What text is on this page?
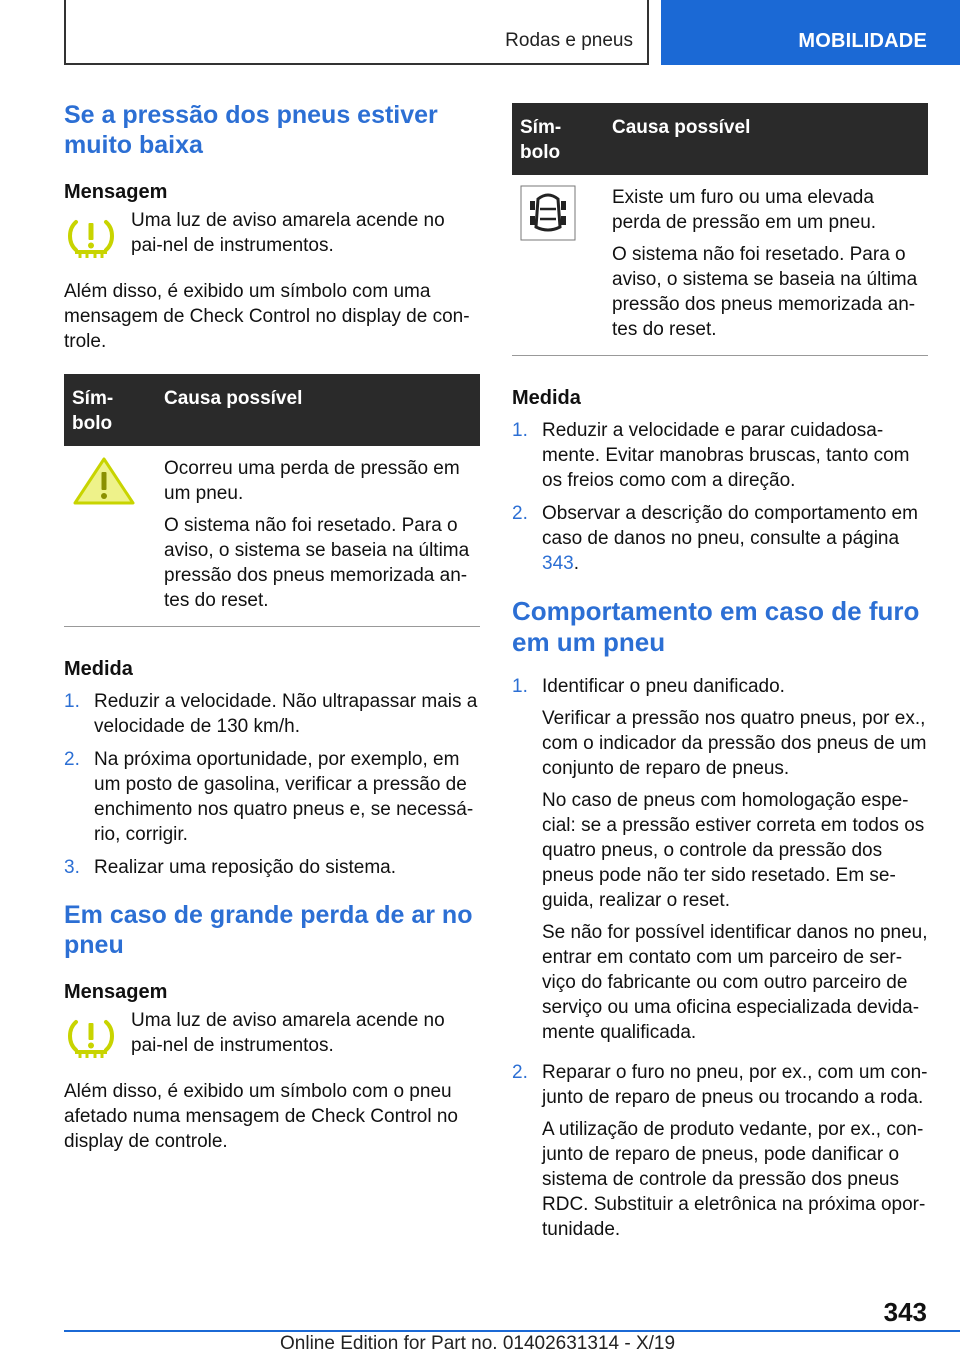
Rodas e pneus	MOBILIDADE
Se a pressão dos pneus estiver muito baixa
Mensagem

Uma luz de aviso amarela acende no pai-nel de instrumentos.

Além disso, é exibido um símbolo com uma mensagem de Check Control no display de con-trole.

Sím-bolo	Causa possível

Ocorreu uma perda de pressão em um pneu.

O sistema não foi resetado. Para o aviso, o sistema se baseia na última pressão dos pneus memorizada an-tes do reset.

Medida
1. Reduzir a velocidade. Não ultrapassar mais a velocidade de 130 km/h.

2. Na próxima oportunidade, por exemplo, em um posto de gasolina, verificar a pressão de enchimento nos quatro pneus e, se necessá-rio, corrigir.

3. Realizar uma reposição do sistema.

Em caso de grande perda de ar no pneu
Mensagem

Uma luz de aviso amarela acende no pai-nel de instrumentos.

Além disso, é exibido um símbolo com o pneu afetado numa mensagem de Check Control no display de controle.

Sím-bolo	Causa possível

Existe um furo ou uma elevada perda de pressão em um pneu.

O sistema não foi resetado. Para o aviso, o sistema se baseia na última pressão dos pneus memorizada an-tes do reset.

Medida
1. Reduzir a velocidade e parar cuidadosa-mente. Evitar manobras bruscas, tanto com os freios como com a direção.

2. Observar a descrição do comportamento em caso de danos no pneu, consulte a página 343.

Comportamento em caso de furo em um pneu
1. Identificar o pneu danificado.

Verificar a pressão nos quatro pneus, por ex., com o indicador da pressão dos pneus de um conjunto de reparo de pneus.

No caso de pneus com homologação espe-cial: se a pressão estiver correta em todos os quatro pneus, o controle da pressão dos pneus pode não ter sido resetado. Em se-guida, realizar o reset.

Se não for possível identificar danos no pneu, entrar em contato com um parceiro de ser-viço do fabricante ou com outro parceiro de serviço ou uma oficina especializada devida-mente qualificada.

2. Reparar o furo no pneu, por ex., com um con-junto de reparo de pneus ou trocando a roda.

A utilização de produto vedante, por ex., con-junto de reparo de pneus, pode danificar o sistema de controle da pressão dos pneus RDC. Substituir a eletrônica na próxima opor-tunidade.

343
Online Edition for Part no. 01402631314 - X/19
